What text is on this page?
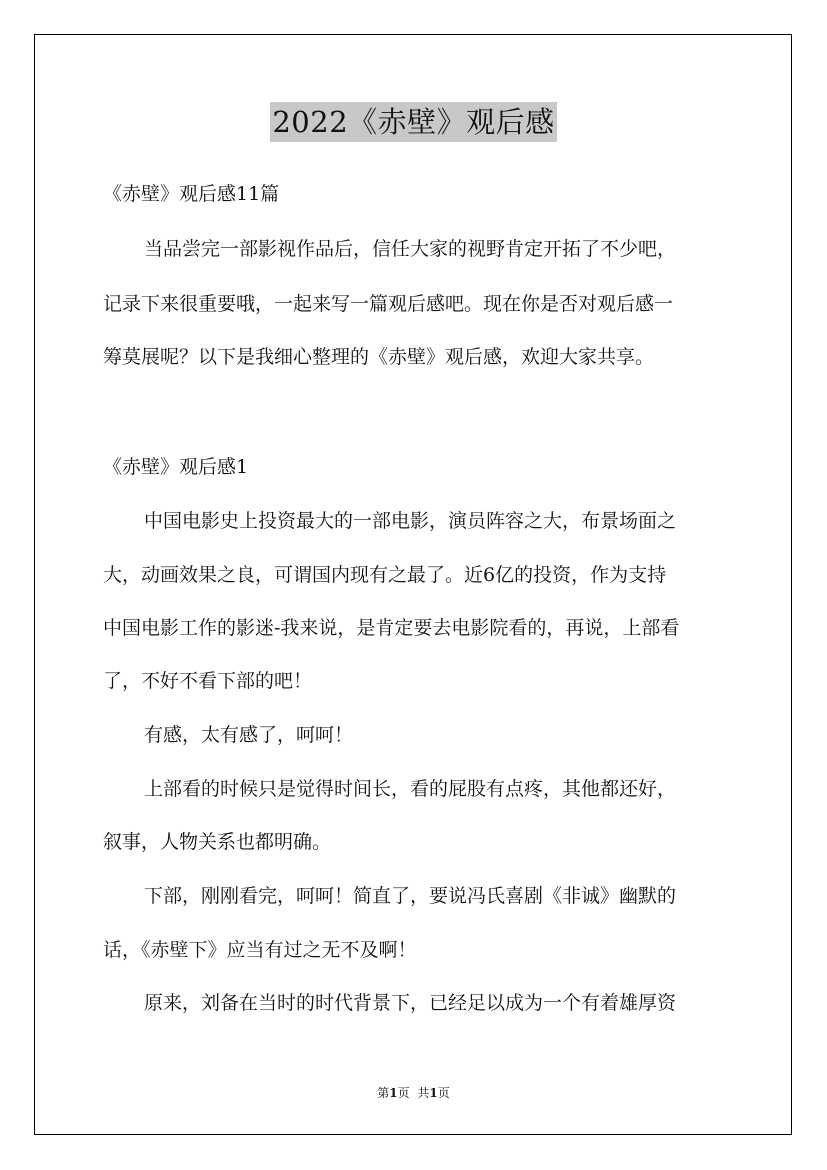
2022《赤壁》观后感
《赤壁》观后感11篇
当品尝完一部影视作品后，信任大家的视野肯定开拓了不少吧，
记录下来很重要哦，一起来写一篇观后感吧。现在你是否对观后感一
筹莫展呢？以下是我细心整理的《赤壁》观后感，欢迎大家共享。
《赤壁》观后感1
中国电影史上投资最大的一部电影，演员阵容之大，布景场面之
大，动画效果之良，可谓国内现有之最了。近6亿的投资，作为支持
中国电影工作的影迷-我来说，是肯定要去电影院看的，再说，上部看
了，不好不看下部的吧！
有感，太有感了，呵呵！
上部看的时候只是觉得时间长，看的屁股有点疼，其他都还好，
叙事，人物关系也都明确。
下部，刚刚看完，呵呵！简直了，要说冯氏喜剧《非诚》幽默的
话，《赤壁下》应当有过之无不及啊！
原来，刘备在当时的时代背景下，已经足以成为一个有着雄厚资
第1页 共1页
